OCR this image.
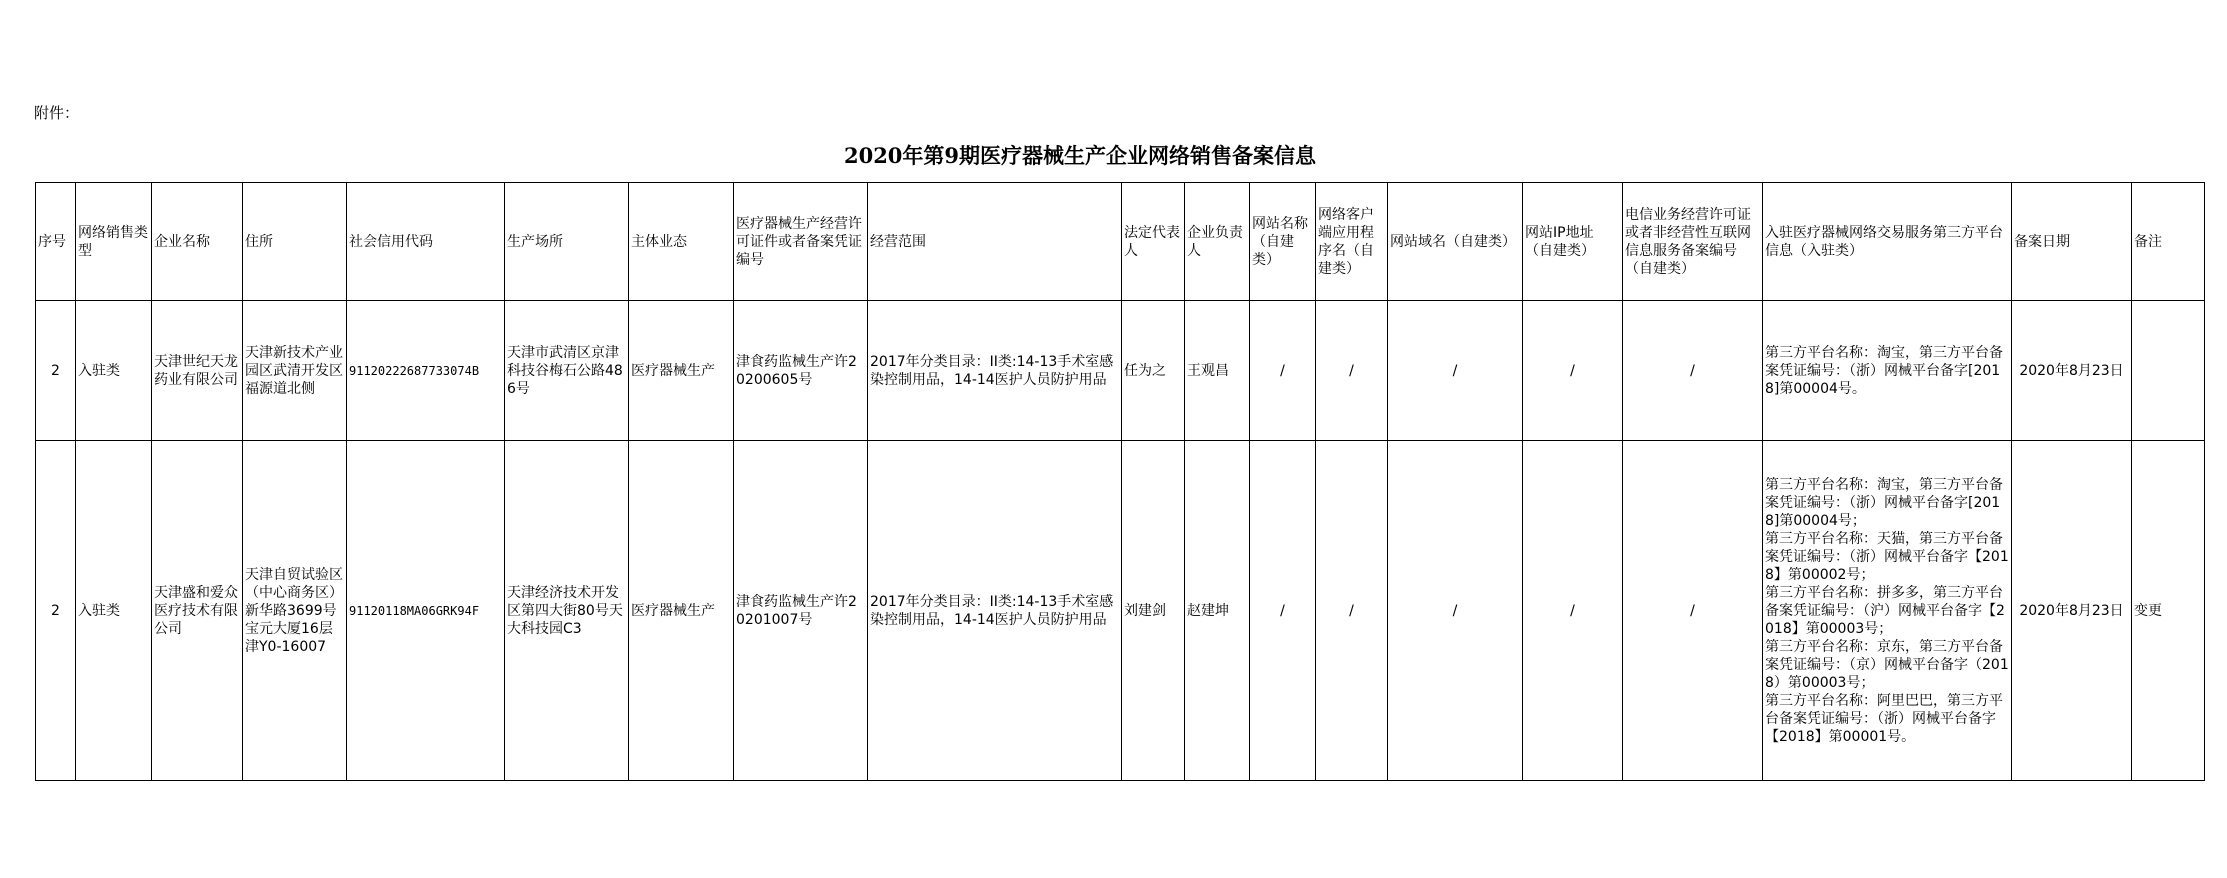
附件：
2020年第9期医疗器械生产企业网络销售备案信息
序号	网络销售类型	企业名称	住所	社会信用代码	生产场所	主体业态	医疗器械生产经营许可证件或者备案凭证编号	经营范围	法定代表人	企业负责人	网站名称（自建类）	网络客户端应用程序名（自建类）	网站域名（自建类）	网站IP地址（自建类）	电信业务经营许可证或者非经营性互联网信息服务备案编号（自建类）	入驻医疗器械网络交易服务第三方平台信息（入驻类）	备案日期	备注
2	入驻类	天津世纪天龙药业有限公司	天津新技术产业园区武清开发区福源道北侧	91120222687733074B	天津市武清区京津科技谷梅石公路486号	医疗器械生产	津食药监械生产许20200605号	2017年分类目录：II类:14-13手术室感染控制用品，14-14医护人员防护用品	任为之	王观昌	/	/	/	/	/	第三方平台名称：淘宝，第三方平台备案凭证编号：（浙）网械平台备字[2018]第00004号。	2020年8月23日	
2	入驻类	天津盛和爱众医疗技术有限公司	天津自贸试验区（中心商务区）新华路3699号宝元大厦16层津Y0-16007	91120118MA06GRK94F	天津经济技术开发区第四大街80号天大科技园C3	医疗器械生产	津食药监械生产许20201007号	2017年分类目录：II类:14-13手术室感染控制用品，14-14医护人员防护用品	刘建剑	赵建坤	/	/	/	/	/	第三方平台名称：淘宝，第三方平台备案凭证编号：（浙）网械平台备字[2018]第00004号；
第三方平台名称：天猫，第三方平台备案凭证编号：（浙）网械平台备字【2018】第00002号；
第三方平台名称：拼多多，第三方平台备案凭证编号：（沪）网械平台备字【2018】第00003号；
第三方平台名称：京东，第三方平台备案凭证编号：（京）网械平台备字（2018）第00003号；
第三方平台名称：阿里巴巴，第三方平台备案凭证编号：（浙）网械平台备字【2018】第00001号。	2020年8月23日	变更
